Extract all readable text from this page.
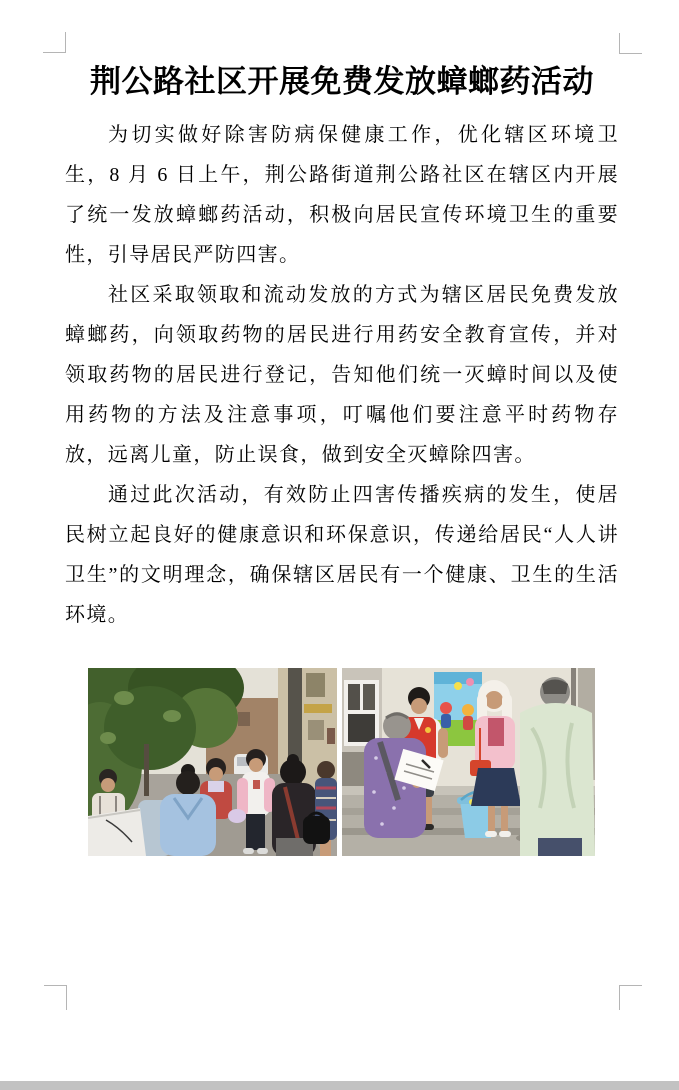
荆公路社区开展免费发放蟑螂药活动

为切实做好除害防病保健康工作，优化辖区环境卫生，8 月 6 日上午，荆公路街道荆公路社区在辖区内开展了统一发放蟑螂药活动，积极向居民宣传环境卫生的重要性，引导居民严防四害。

社区采取领取和流动发放的方式为辖区居民免费发放蟑螂药，向领取药物的居民进行用药安全教育宣传，并对领取药物的居民进行登记，告知他们统一灭蟑时间以及使用药物的方法及注意事项，叮嘱他们要注意平时药物存放，远离儿童，防止误食，做到安全灭蟑除四害。

通过此次活动，有效防止四害传播疾病的发生，使居民树立起良好的健康意识和环保意识，传递给居民“人人讲卫生”的文明理念，确保辖区居民有一个健康、卫生的生活环境。
